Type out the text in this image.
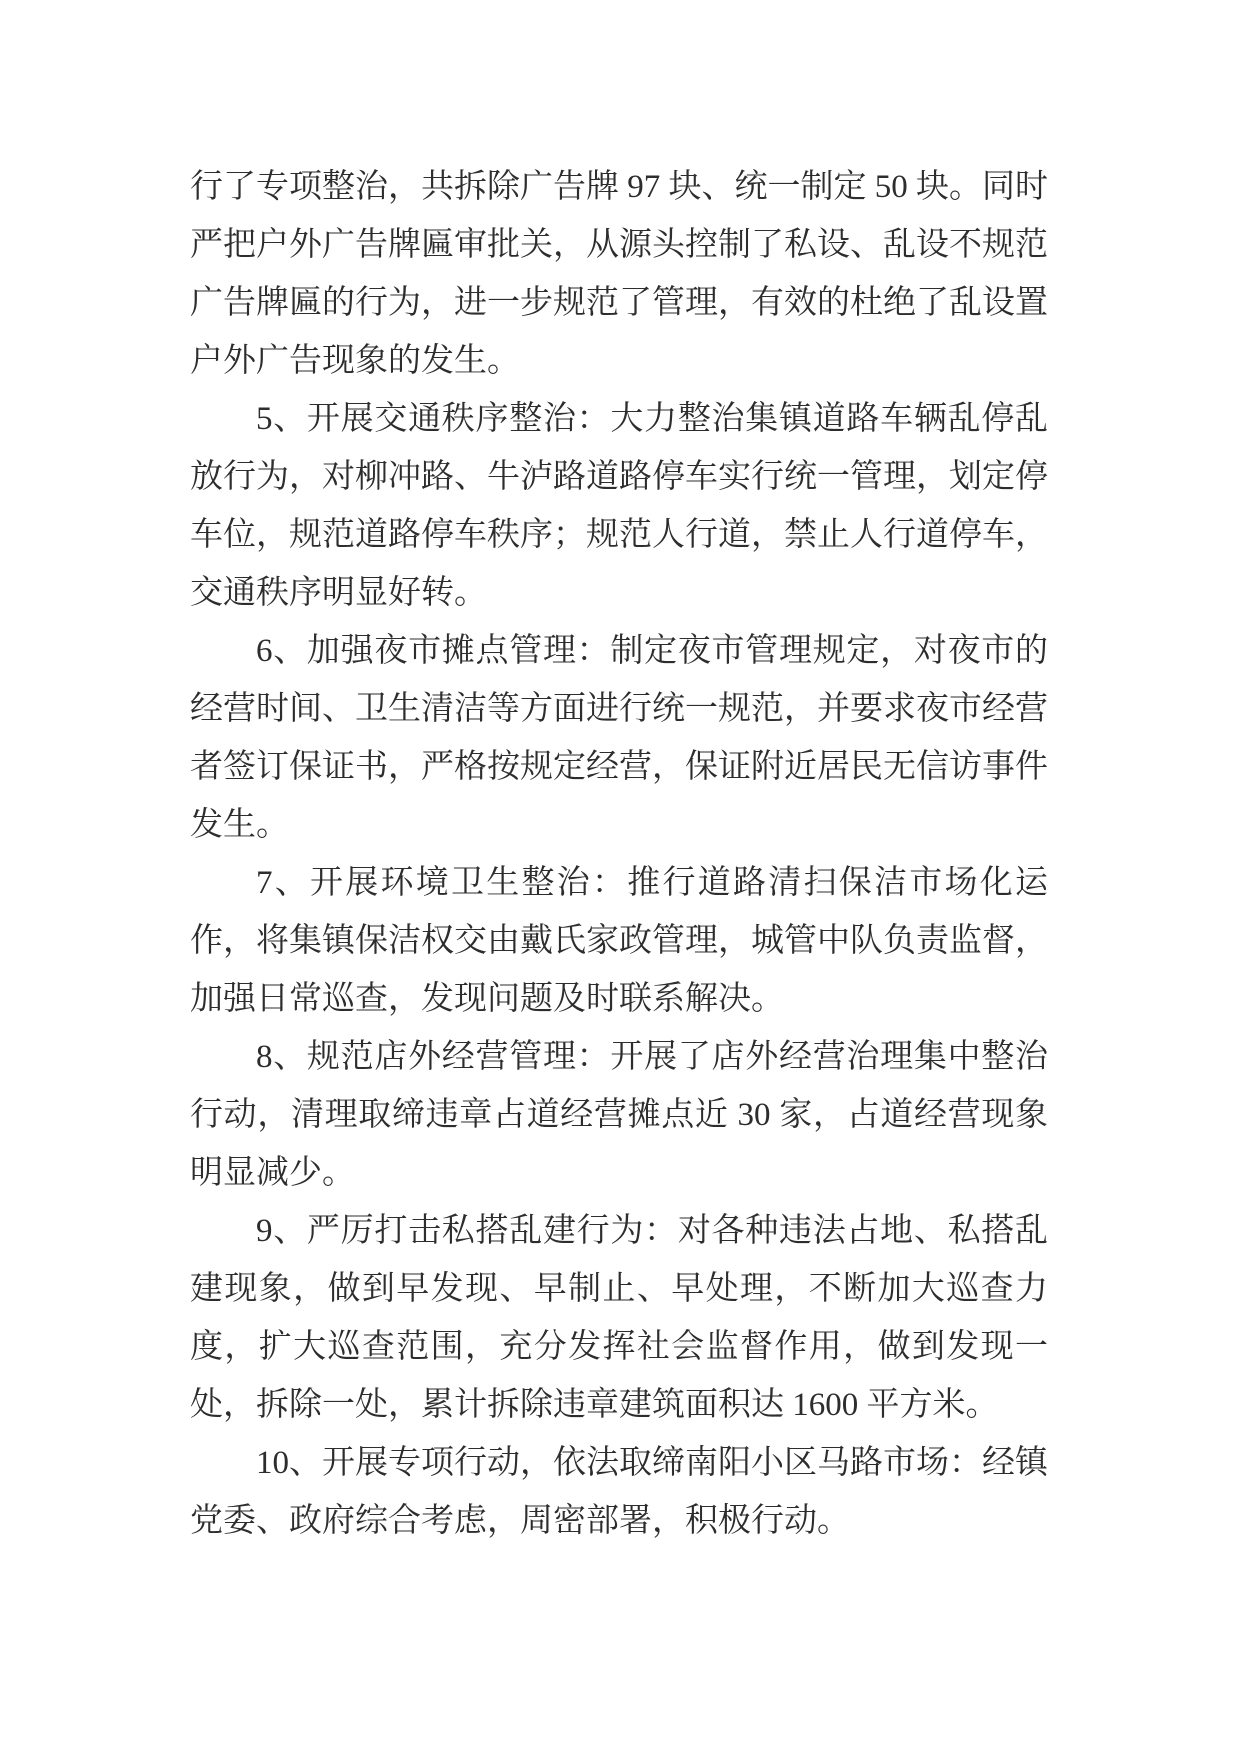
行了专项整治，共拆除广告牌 97 块、统一制定 50 块。同时严把户外广告牌匾审批关，从源头控制了私设、乱设不规范广告牌匾的行为，进一步规范了管理，有效的杜绝了乱设置户外广告现象的发生。

5、开展交通秩序整治：大力整治集镇道路车辆乱停乱放行为，对柳冲路、牛泸路道路停车实行统一管理，划定停车位，规范道路停车秩序；规范人行道，禁止人行道停车，交通秩序明显好转。

6、加强夜市摊点管理：制定夜市管理规定，对夜市的经营时间、卫生清洁等方面进行统一规范，并要求夜市经营者签订保证书，严格按规定经营，保证附近居民无信访事件发生。

7、开展环境卫生整治：推行道路清扫保洁市场化运作，将集镇保洁权交由戴氏家政管理，城管中队负责监督，加强日常巡查，发现问题及时联系解决。

8、规范店外经营管理：开展了店外经营治理集中整治行动，清理取缔违章占道经营摊点近 30 家，占道经营现象明显减少。

9、严厉打击私搭乱建行为：对各种违法占地、私搭乱建现象，做到早发现、早制止、早处理，不断加大巡查力度，扩大巡查范围，充分发挥社会监督作用，做到发现一处，拆除一处，累计拆除违章建筑面积达 1600 平方米。

10、开展专项行动，依法取缔南阳小区马路市场：经镇党委、政府综合考虑，周密部署，积极行动。
